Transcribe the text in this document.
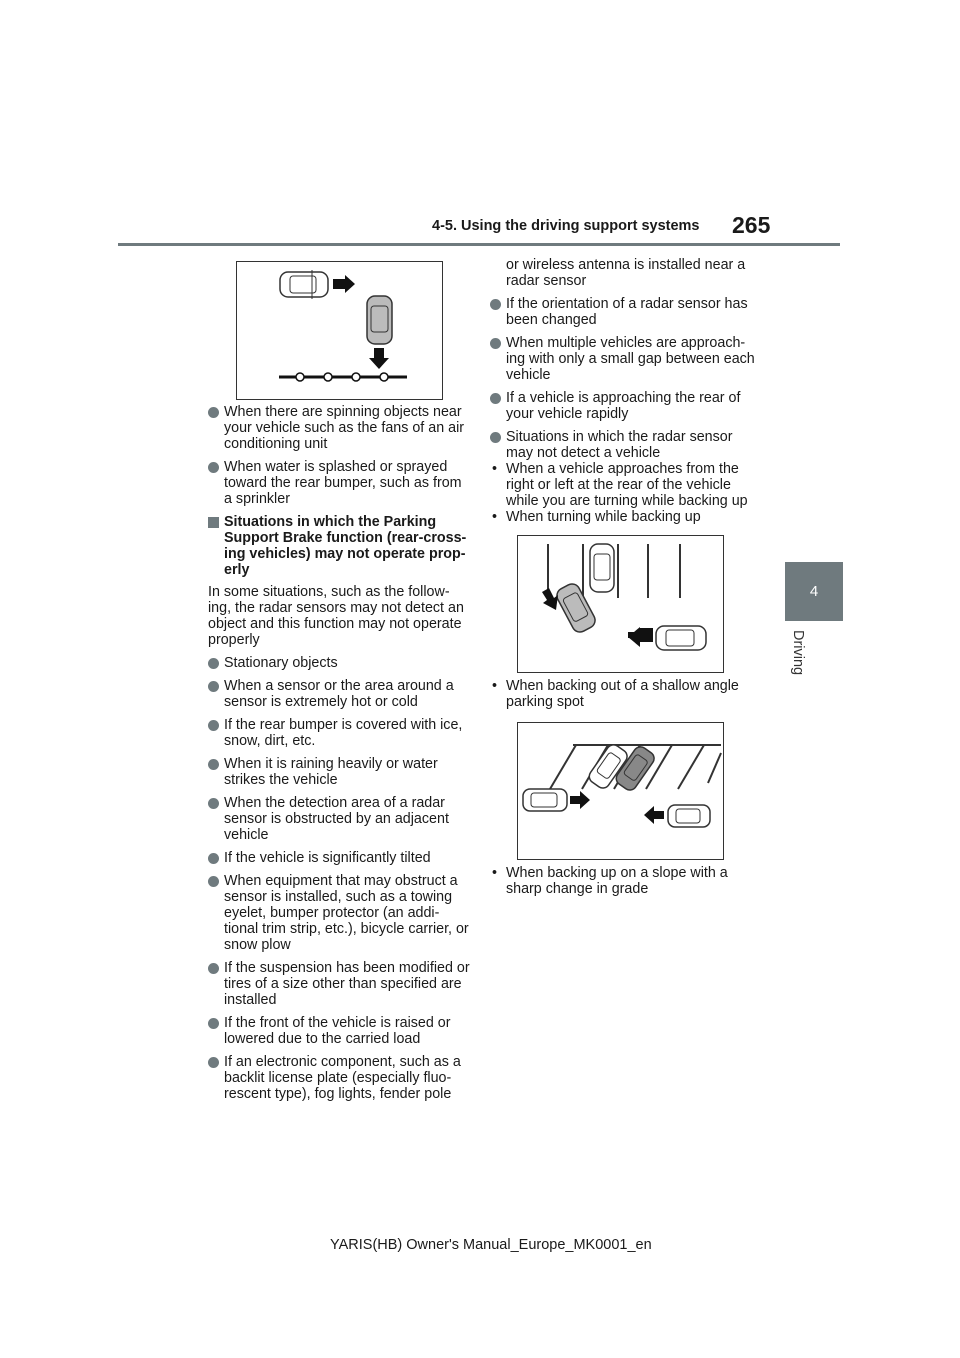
4-5. Using the driving support systems 265
4
Driving
When there are spinning objects near your vehicle such as the fans of an air conditioning unit
When water is splashed or sprayed toward the rear bumper, such as from a sprinkler
Situations in which the Parking Support Brake function (rear-cross-ing vehicles) may not operate prop-erly
In some situations, such as the follow-ing, the radar sensors may not detect an object and this function may not operate properly
Stationary objects
When a sensor or the area around a sensor is extremely hot or cold
If the rear bumper is covered with ice, snow, dirt, etc.
When it is raining heavily or water strikes the vehicle
When the detection area of a radar sensor is obstructed by an adjacent vehicle
If the vehicle is significantly tilted
When equipment that may obstruct a sensor is installed, such as a towing eyelet, bumper protector (an addi-tional trim strip, etc.), bicycle carrier, or snow plow
If the suspension has been modified or tires of a size other than specified are installed
If the front of the vehicle is raised or lowered due to the carried load
If an electronic component, such as a backlit license plate (especially fluo-rescent type), fog lights, fender pole
or wireless antenna is installed near a radar sensor
If the orientation of a radar sensor has been changed
When multiple vehicles are approach-ing with only a small gap between each vehicle
If a vehicle is approaching the rear of your vehicle rapidly
Situations in which the radar sensor may not detect a vehicle
• When a vehicle approaches from the right or left at the rear of the vehicle while you are turning while backing up
• When turning while backing up
• When backing out of a shallow angle parking spot
• When backing up on a slope with a sharp change in grade
YARIS(HB) Owner's Manual_Europe_MK0001_en
